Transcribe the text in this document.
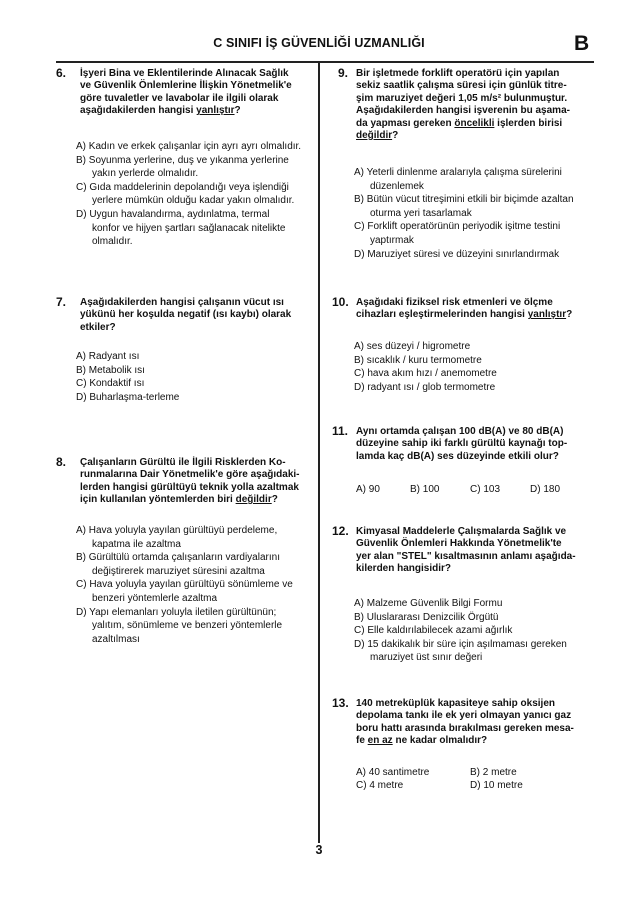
C SINIFI İŞ GÜVENLİĞİ UZMANLIĞI	B
6. İşyeri Bina ve Eklentilerinde Alınacak Sağlık
ve Güvenlik Önlemlerine İlişkin Yönetmelik'e
göre tuvaletler ve lavabolar ile ilgili olarak
aşağıdakilerden hangisi yanlıştır?
A) Kadın ve erkek çalışanlar için ayrı ayrı olmalıdır.
B) Soyunma yerlerine, duş ve yıkanma yerlerine
yakın yerlerde olmalıdır.
C) Gıda maddelerinin depolandığı veya işlendiği
yerlere mümkün olduğu kadar yakın olmalıdır.
D) Uygun havalandırma, aydınlatma, termal
konfor ve hijyen şartları sağlanacak nitelikte
olmalıdır.
7. Aşağıdakilerden hangisi çalışanın vücut ısı
yükünü her koşulda negatif (ısı kaybı) olarak
etkiler?
A) Radyant ısı
B) Metabolik ısı
C) Kondaktif ısı
D) Buharlaşma-terleme
8. Çalışanların Gürültü ile İlgili Risklerden Ko-
runmalarına Dair Yönetmelik'e göre aşağıdaki-
lerden hangisi gürültüyü teknik yolla azaltmak
için kullanılan yöntemlerden biri değildir?
A) Hava yoluyla yayılan gürültüyü perdeleme,
kapatma ile azaltma
B) Gürültülü ortamda çalışanların vardiyalarını
değiştirerek maruziyet süresini azaltma
C) Hava yoluyla yayılan gürültüyü sönümleme ve
benzeri yöntemlerle azaltma
D) Yapı elemanları yoluyla iletilen gürültünün;
yalıtım, sönümleme ve benzeri yöntemlerle
azaltılması
9. Bir işletmede forklift operatörü için yapılan
sekiz saatlik çalışma süresi için günlük titre-
şim maruziyet değeri 1,05 m/s² bulunmuştur.
Aşağıdakilerden hangisi işverenin bu aşama-
da yapması gereken öncelikli işlerden birisi
değildir?
A) Yeterli dinlenme aralarıyla çalışma sürelerini
düzenlemek
B) Bütün vücut titreşimini etkili bir biçimde azaltan
oturma yeri tasarlamak
C) Forklift operatörünün periyodik işitme testini
yaptırmak
D) Maruziyet süresi ve düzeyini sınırlandırmak
10. Aşağıdaki fiziksel risk etmenleri ve ölçme
cihazları eşleştirmelerinden hangisi yanlıştır?
A) ses düzeyi / higrometre
B) sıcaklık / kuru termometre
C) hava akım hızı / anemometre
D) radyant ısı / glob termometre
11. Aynı ortamda çalışan 100 dB(A) ve 80 dB(A)
düzeyine sahip iki farklı gürültü kaynağı top-
lamda kaç dB(A) ses düzeyinde etkili olur?
A) 90	B) 100	C) 103	D) 180
12. Kimyasal Maddelerle Çalışmalarda Sağlık ve
Güvenlik Önlemleri Hakkında Yönetmelik'te
yer alan "STEL" kısaltmasının anlamı aşağıda-
kilerden hangisidir?
A) Malzeme Güvenlik Bilgi Formu
B) Uluslararası Denizcilik Örgütü
C) Elle kaldırılabilecek azami ağırlık
D) 15 dakikalık bir süre için aşılmaması gereken
maruziyet üst sınır değeri
13. 140 metreküplük kapasiteye sahip oksijen
depolama tankı ile ek yeri olmayan yanıcı gaz
boru hattı arasında bırakılması gereken mesa-
fe en az ne kadar olmalıdır?
A) 40 santimetre	B) 2 metre
C) 4 metre	D) 10 metre
3
